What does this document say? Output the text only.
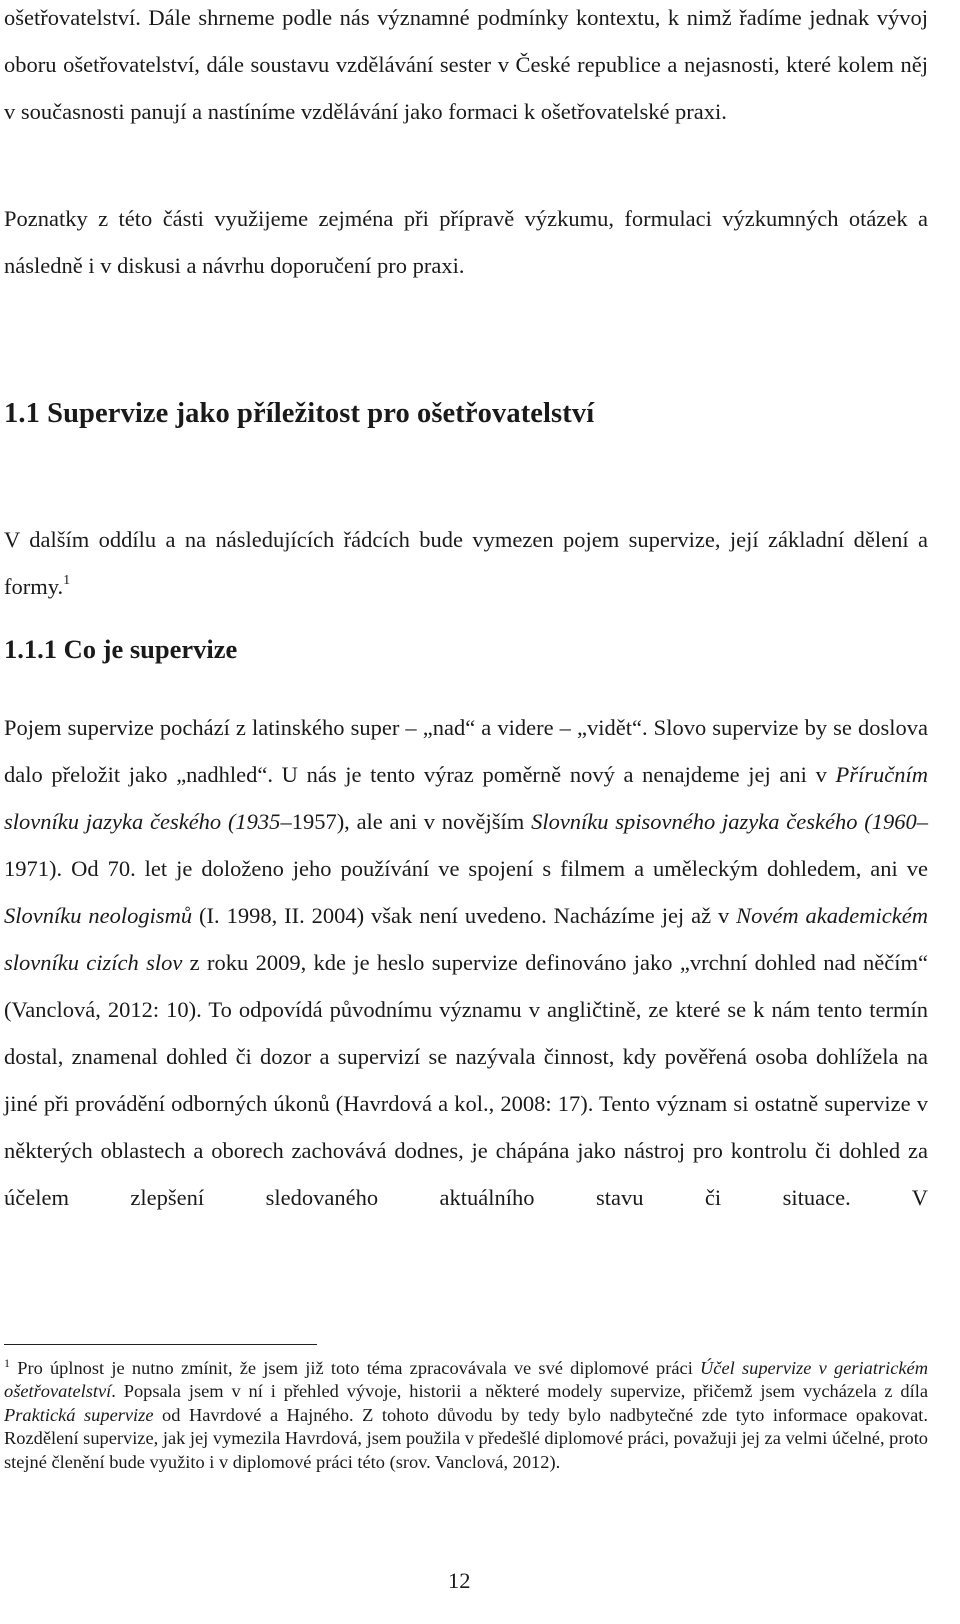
ošetřovatelství. Dále shrneme podle nás významné podmínky kontextu, k nimž řadíme jednak vývoj oboru ošetřovatelství, dále soustavu vzdělávání sester v České republice a nejasnosti, které kolem něj v současnosti panují a nastíníme vzdělávání jako formaci k ošetřovatelské praxi.

Poznatky z této části využijeme zejména při přípravě výzkumu, formulaci výzkumných otázek a následně i v diskusi a návrhu doporučení pro praxi.

1.1 Supervize jako příležitost pro ošetřovatelství

V dalším oddílu a na následujících řádcích bude vymezen pojem supervize, její základní dělení a formy.$^1$

1.1.1 Co je supervize

Pojem supervize pochází z latinského super – „nad“ a videre – „vidět“. Slovo supervize by se doslova dalo přeložit jako „nadhled“. U nás je tento výraz poměrně nový a nenajdeme jej ani v Příručním slovníku jazyka českého (1935–1957), ale ani v novějším Slovníku spisovného jazyka českého (1960–1971). Od 70. let je doloženo jeho používání ve spojení s filmem a uměleckým dohledem, ani ve Slovníku neologismů (I. 1998, II. 2004) však není uvedeno. Nacházíme jej až v Novém akademickém slovníku cizích slov z roku 2009, kde je heslo supervize definováno jako „vrchní dohled nad něčím“ (Vanclová, 2012: 10). To odpovídá původnímu významu v angličtině, ze které se k nám tento termín dostal, znamenal dohled či dozor a supervizí se nazývala činnost, kdy pověřená osoba dohlížela na jiné při provádění odborných úkonů (Havrdová a kol., 2008: 17). Tento význam si ostatně supervize v některých oblastech a oborech zachovává dodnes, je chápána jako nástroj pro kontrolu či dohled za účelem zlepšení sledovaného aktuálního stavu či situace. V

$^1$ Pro úplnost je nutno zmínit, že jsem již toto téma zpracovávala ve své diplomové práci Účel supervize v geriatrickém ošetřovatelství. Popsala jsem v ní i přehled vývoje, historii a některé modely supervize, přičemž jsem vycházela z díla Praktická supervize od Havrdové a Hajného. Z tohoto důvodu by tedy bylo nadbytečné zde tyto informace opakovat. Rozdělení supervize, jak jej vymezila Havrdová, jsem použila v předešlé diplomové práci, považuji jej za velmi účelné, proto stejné členění bude využito i v diplomové práci této (srov. Vanclová, 2012).

12
